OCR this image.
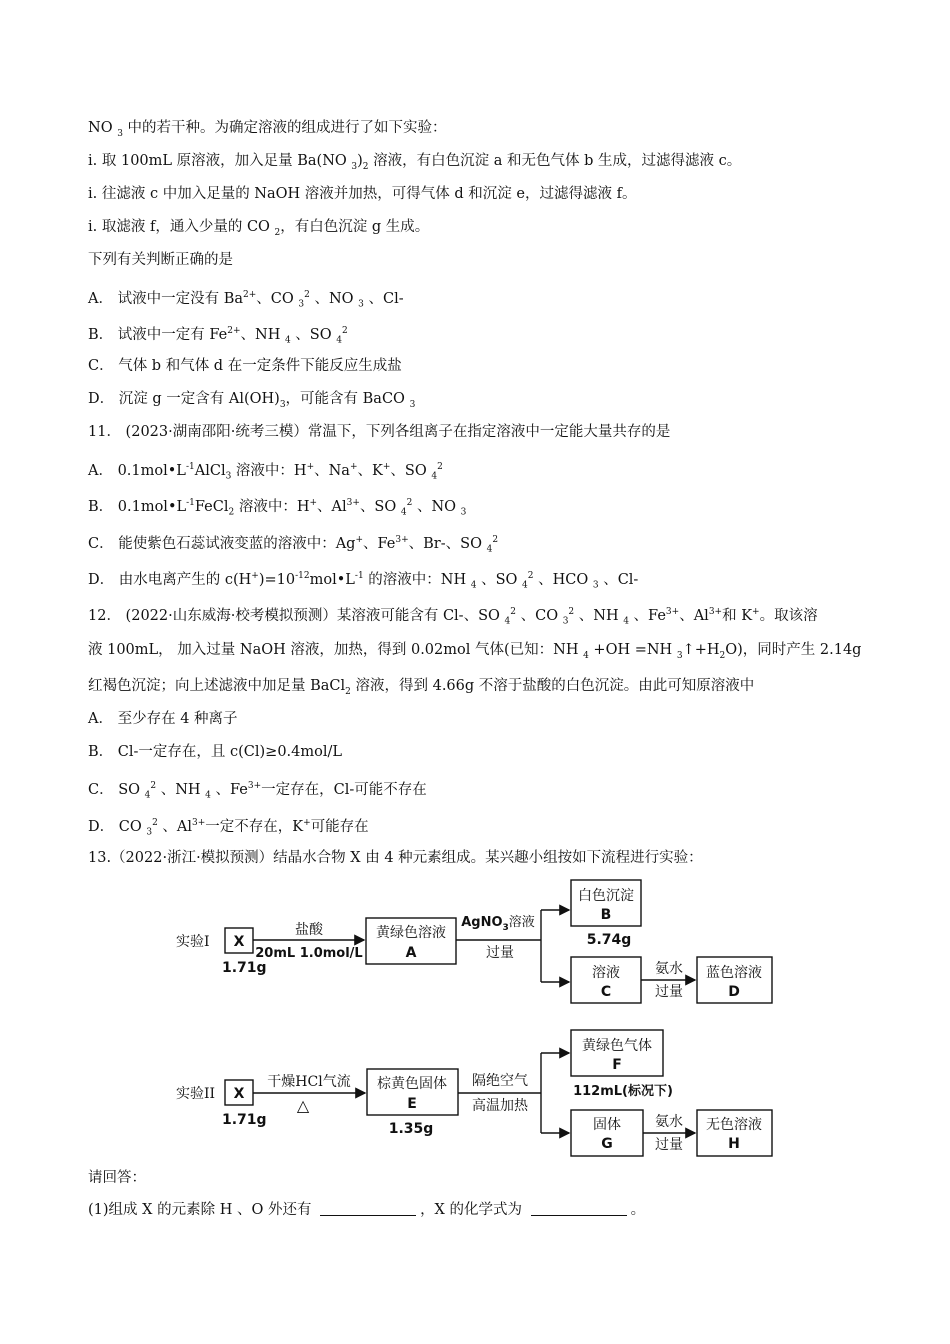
NO $_3$ 中的若干种。为确定溶液的组成进行了如下实验：
ⅰ. 取 100mL 原溶液，加入足量 Ba(NO $_3)_2$ 溶液，有白色沉淀 a 和无色气体 b 生成，过滤得滤液 c。
ⅰ. 往滤液 c 中加入足量的 NaOH 溶液并加热，可得气体 d 和沉淀 e，过滤得滤液 f。
ⅰ. 取滤液 f，通入少量的 CO $_2$，有白色沉淀 g 生成。
下列有关判断正确的是
A． 试液中一定没有 $Ba^{2+}$、CO $_3^2$ 、NO $_3$ 、Cl-
B． 试液中一定有 $Fe^{2+}$、NH $_4$ 、SO $_4^2$
C． 气体 b 和气体 d 在一定条件下能反应生成盐
D． 沉淀 g 一定含有 $Al(OH)_3$，可能含有 BaCO $_3$
11． (2023·湖南邵阳·统考三模）常温下，下列各组离子在指定溶液中一定能大量共存的是
A． $0.1mol•L^{-1}AlCl_3$ 溶液中：H+、Na+、K+、SO $_4^2$
B． $0.1mol•L^{-1}FeCl_2$ 溶液中：H+、$Al^{3+}$、SO $_4^2$ 、NO $_3$
C． 能使紫色石蕊试液变蓝的溶液中：Ag+、$Fe^{3+}$、Br-、SO $_4^2$
D． 由水电离产生的 $c(H^+)=10^{-12}mol•L^{-1}$ 的溶液中：NH $_4$ 、SO $_4^2$ 、HCO $_3$ 、Cl-
12． (2022·山东威海·校考模拟预测）某溶液可能含有 Cl-、SO $_4^2$ 、CO $_3^2$ 、NH $_4$ 、$Fe^{3+}$、$Al^{3+}$和 K+。取该溶
液 100mL， 加入过量 NaOH 溶液，加热，得到 0.02mol 气体(已知：NH $_4$ +OH =NH $_3↑+H_2O$)，同时产生 2.14g
红褐色沉淀；向上述滤液中加足量 BaCl$_2$ 溶液，得到 4.66g 不溶于盐酸的白色沉淀。由此可知原溶液中
A． 至少存在 4 种离子
B． Cl-一定存在，且 c(Cl)≥0.4mol/L
C． SO $_4^2$ 、NH $_4$ 、$Fe^{3+}$一定存在，Cl-可能不存在
D． CO $_3^2$ 、$Al^{3+}$一定不存在，K+可能存在
13.（2022·浙江·模拟预测）结晶水合物 X 由 4 种元素组成。某兴趣小组按如下流程进行实验：
请回答：
(1)组成 X 的元素除 H 、O 外还有	，X 的化学式为	。
实验I X
1.71g
盐酸
20mL 1.0mol/L
黄绿色溶液
A
AgNO$_3$溶液
过量
白色沉淀
B
5.74g
溶液
C
氨水
过量
蓝色溶液
D
实验II X
1.71g
干燥HCl气流
△
棕黄色固体
E
1.35g
隔绝空气
高温加热
黄绿色气体
F
112mL(标况下)
固体
G
氨水
过量
无色溶液
H
